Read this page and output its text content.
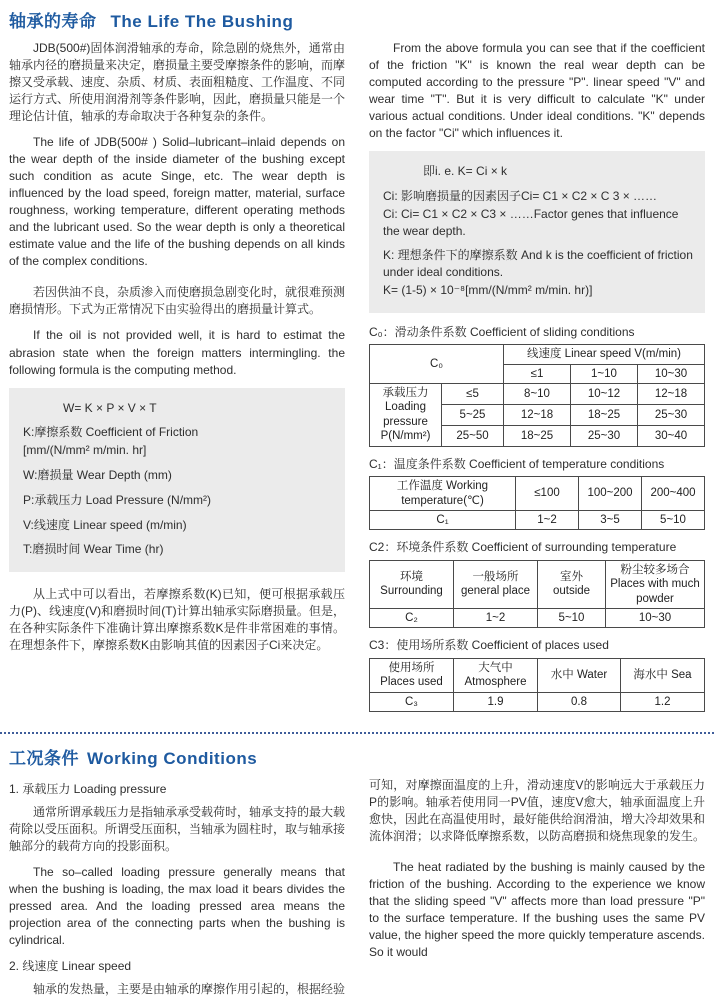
轴承的寿命 The Life The Bushing

JDB(500#)固体润滑轴承的寿命，除急剧的烧焦外，通常由轴承内径的磨损量来决定，磨损量主要受摩擦条件的影响，而摩擦又受承载、速度、杂质、材质、表面粗糙度、工作温度、不同运行方式、所使用润滑剂等条件影响，因此，磨损量只能是一个理论估计值，轴承的寿命取决于各种复杂的条件。

The life of JDB(500# ) Solid–lubricant–inlaid depends on the wear depth of the inside diameter of the bushing except such condition as acute Singe, etc. The wear depth is influenced by the load speed, foreign matter, material, surface roughness, working temperature, different operating methods and the lubricant used. So the wear depth is only a theoretical estimate value and the life of the bushing depends on all kinds of the complex conditions.

若因供油不良，杂质渗入而使磨损急剧变化时，就很难预测磨损情形。下式为正常情况下由实验得出的磨损量计算式。

If the oil is not provided well, it is hard to estimat the abrasion state when the foreign matters intermingling. the following formula is the computing method.

W= K × P × V × T
K:摩擦系数 Coefficient of Friction
[mm/(N/mm² m/min. hr]
W:磨损量 Wear Depth (mm)
P:承载压力 Load Pressure (N/mm²)
V:线速度 Linear speed (m/min)
T:磨损时间 Wear Time (hr)

从上式中可以看出，若摩擦系数(K)已知，便可根据承载压力(P)、线速度(V)和磨损时间(T)计算出轴承实际磨损量。但是，在各种实际条件下准确计算出摩擦系数K是件非常困难的事情。在理想条件下，摩擦系数K由影响其值的因素因子Ci来决定。

From the above formula you can see that if the coefficient of the friction "K" is known the real wear depth can be computed according to the pressure "P". linear speed "V" and wear time "T". But it is very difficult to calculate "K" under various actual conditions. Under ideal conditions. "K" depends on the factor "Ci" which influences it.

即i. e. K= Ci × k
Ci: 影响磨损量的因素因子Ci= C1 × C2 × C 3 × ……
Ci: Ci= C1 × C2 × C3 × ……Factor genes that influence the wear depth.
K: 理想条件下的摩擦系数 And k is the coefficient of friction under ideal conditions.
K= (1-5) × 10⁻⁸[mm/(N/mm² m/min. hr)]
C₀：滑动条件系数 Coefficient of sliding conditions
C₀		线速度 Linear speed V(m/min)		
		≤1	1~10	10~30
承载压力 Loading pressure P(N/mm²)	≤5	8~10	10~12	12~18
	5~25	12~18	18~25	25~30
	25~50	18~25	25~30	30~40
C₁：温度条件系数 Coefficient of temperature conditions
工作温度 Working temperature(℃)	≤100	100~200	200~400
C₁	1~2	3~5	5~10
C2：环境条件系数 Coefficient of surrounding temperature
环境 Surrounding	一般场所 general place	室外 outside	粉尘较多场合 Places with much powder
C₂	1~2	5~10	10~30
C3：使用场所系数 Coefficient of places used
使用场所 Places used	大气中 Atmosphere	水中 Water	海水中 Sea
C₃	1.9	0.8	1.2
工况条件 Working Conditions
1. 承载压力 Loading pressure

通常所谓承载压力是指轴承承受载荷时，轴承支持的最大载荷除以受压面积。所谓受压面积，当轴承为圆柱时，取与轴承接触部分的载荷方向的投影面积。

The so–called loading pressure generally means that when the bushing is loading, the max load it bears divides the pressed area. And the loading pressed area means the projection area of the connecting parts when the bushing is cylindrical.

2. 线速度 Linear speed

轴承的发热量，主要是由轴承的摩擦作用引起的，根据经验

可知，对摩擦面温度的上升，滑动速度V的影响远大于承载压力P的影响。轴承若使用同一PV值，速度V愈大，轴承面温度上升愈快，因此在高温使用时，最好能供给润滑油，增大冷却效果和流体润滑；以求降低摩擦系数，以防高磨损和烧焦现象的发生。

The heat radiated by the bushing is mainly caused by the friction of the bushing. According to the experience we know that the sliding speed "V" affects more than load pressure "P" to the surface temperature. If the bushing uses the same PV value, the higher speed the more quickly temperature ascends. So it would
